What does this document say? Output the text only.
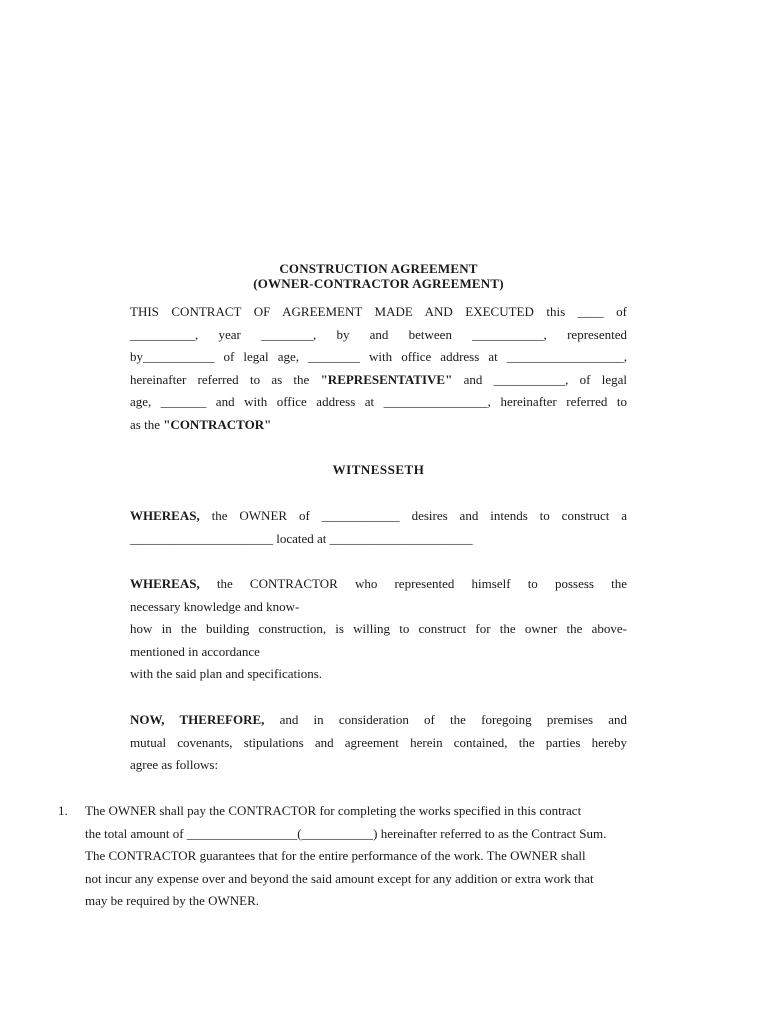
CONSTRUCTION AGREEMENT
(OWNER-CONTRACTOR AGREEMENT)
THIS CONTRACT OF AGREEMENT MADE AND EXECUTED this ____ of
__________, year ________, by and between ___________, represented
by___________ of legal age, ________ with office address at __________________,
hereinafter referred to as the "REPRESENTATIVE" and ___________, of legal
age, _______ and with office address at ________________, hereinafter referred to
as the "CONTRACTOR"
WITNESSETH
WHEREAS, the OWNER of ____________ desires and intends to construct a
______________________ located at ______________________
WHEREAS, the CONTRACTOR who represented himself to possess the
necessary knowledge and know-
how in the building construction, is willing to construct for the owner the above-
mentioned in accordance
with the said plan and specifications.
NOW, THEREFORE, and in consideration of the foregoing premises and
mutual covenants, stipulations and agreement herein contained, the parties hereby
agree as follows:
1. The OWNER shall pay the CONTRACTOR for completing the works specified in this contract
the total amount of _________________(___________) hereinafter referred to as the Contract Sum.
The CONTRACTOR guarantees that for the entire performance of the work. The OWNER shall
not incur any expense over and beyond the said amount except for any addition or extra work that
may be required by the OWNER.
